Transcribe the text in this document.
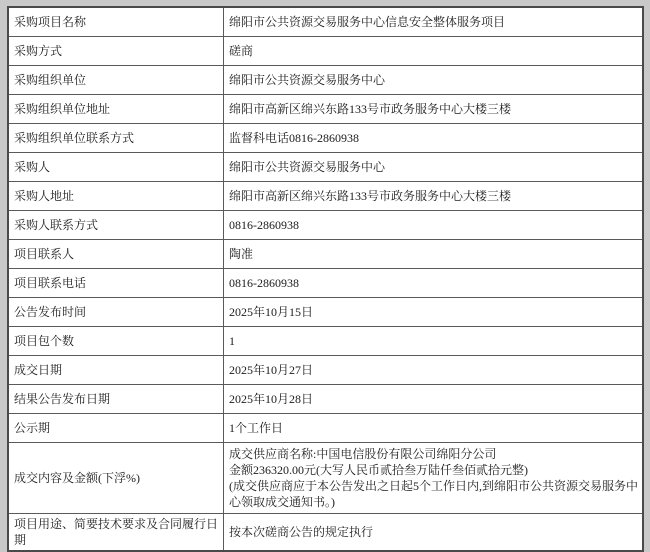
采购项目名称	绵阳市公共资源交易服务中心信息安全整体服务项目
采购方式	磋商
采购组织单位	绵阳市公共资源交易服务中心
采购组织单位地址	绵阳市高新区绵兴东路133号市政务服务中心大楼三楼
采购组织单位联系方式	监督科电话0816-2860938
采购人	绵阳市公共资源交易服务中心
采购人地址	绵阳市高新区绵兴东路133号市政务服务中心大楼三楼
采购人联系方式	0816-2860938
项目联系人	陶准
项目联系电话	0816-2860938
公告发布时间	2025年10月15日
项目包个数	1
成交日期	2025年10月27日
结果公告发布日期	2025年10月28日
公示期	1个工作日
成交内容及金额(下浮%)	成交供应商名称:中国电信股份有限公司绵阳分公司
金额236320.00元(大写人民币贰拾叁万陆仟叁佰贰拾元整)
(成交供应商应于本公告发出之日起5个工作日内,到绵阳市公共资源交易服务中心领取成交通知书。)

项目用途、简要技术要求及合同履行日期	按本次磋商公告的规定执行
